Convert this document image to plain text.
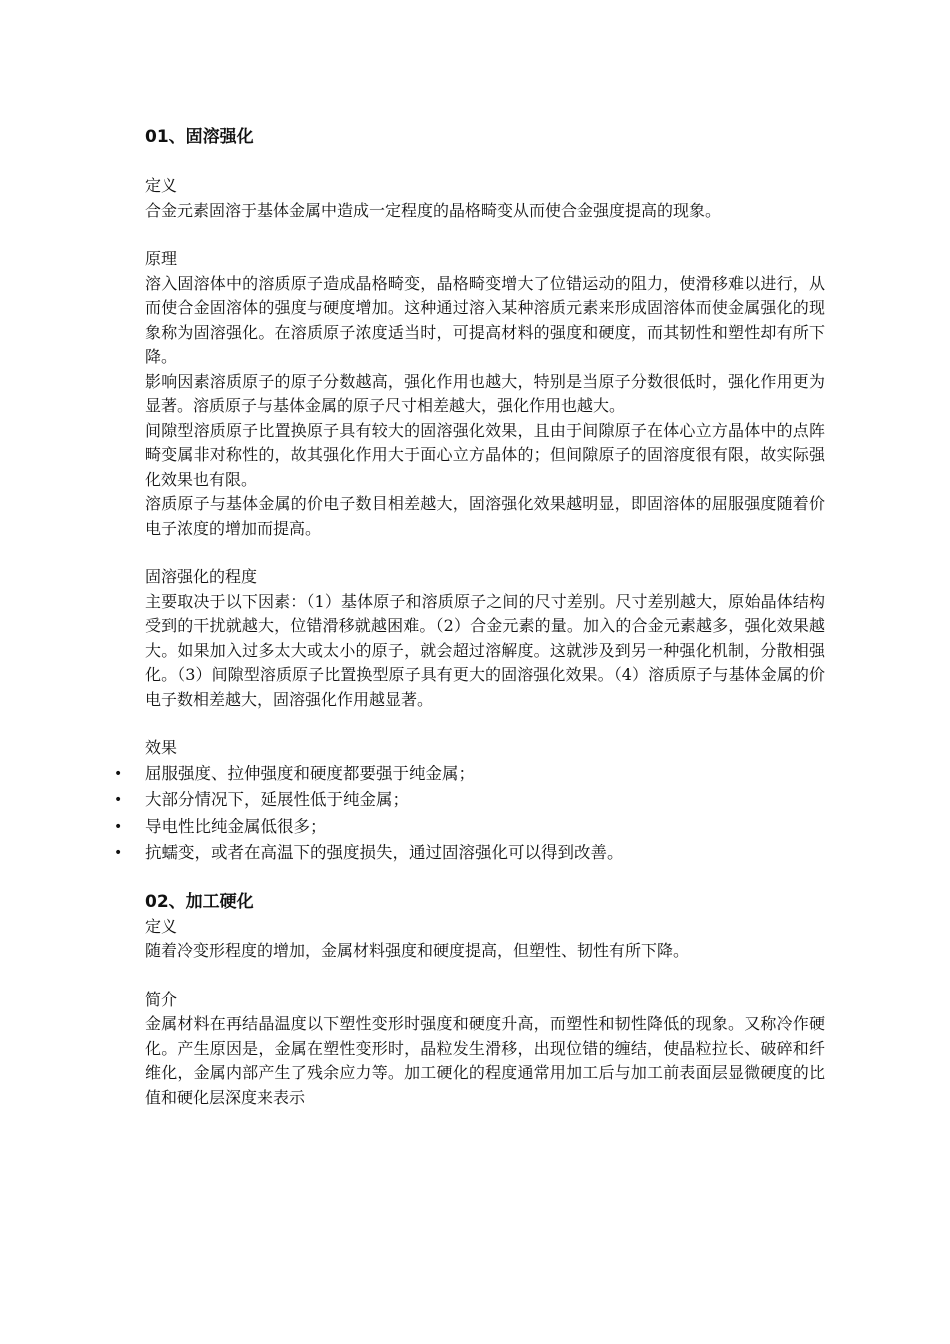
01、固溶强化

定义

合金元素固溶于基体金属中造成一定程度的晶格畸变从而使合金强度提高的现象。

原理

溶入固溶体中的溶质原子造成晶格畸变，晶格畸变增大了位错运动的阻力，使滑移难以进行，从而使合金固溶体的强度与硬度增加。这种通过溶入某种溶质元素来形成固溶体而使金属强化的现象称为固溶强化。在溶质原子浓度适当时，可提高材料的强度和硬度，而其韧性和塑性却有所下降。

影响因素溶质原子的原子分数越高，强化作用也越大，特别是当原子分数很低时，强化作用更为显著。溶质原子与基体金属的原子尺寸相差越大，强化作用也越大。

间隙型溶质原子比置换原子具有较大的固溶强化效果，且由于间隙原子在体心立方晶体中的点阵畸变属非对称性的，故其强化作用大于面心立方晶体的；但间隙原子的固溶度很有限，故实际强化效果也有限。

溶质原子与基体金属的价电子数目相差越大，固溶强化效果越明显，即固溶体的屈服强度随着价电子浓度的增加而提高。

固溶强化的程度

主要取决于以下因素：（1）基体原子和溶质原子之间的尺寸差别。尺寸差别越大，原始晶体结构受到的干扰就越大，位错滑移就越困难。（2）合金元素的量。加入的合金元素越多，强化效果越大。如果加入过多太大或太小的原子，就会超过溶解度。这就涉及到另一种强化机制，分散相强化。（3）间隙型溶质原子比置换型原子具有更大的固溶强化效果。（4）溶质原子与基体金属的价电子数相差越大，固溶强化作用越显著。

效果

• 屈服强度、拉伸强度和硬度都要强于纯金属；
• 大部分情况下，延展性低于纯金属；
• 导电性比纯金属低很多；
• 抗蠕变，或者在高温下的强度损失，通过固溶强化可以得到改善。

02、加工硬化

定义

随着冷变形程度的增加，金属材料强度和硬度提高，但塑性、韧性有所下降。

简介

金属材料在再结晶温度以下塑性变形时强度和硬度升高，而塑性和韧性降低的现象。又称冷作硬化。产生原因是，金属在塑性变形时，晶粒发生滑移，出现位错的缠结，使晶粒拉长、破碎和纤维化，金属内部产生了残余应力等。加工硬化的程度通常用加工后与加工前表面层显微硬度的比值和硬化层深度来表示
